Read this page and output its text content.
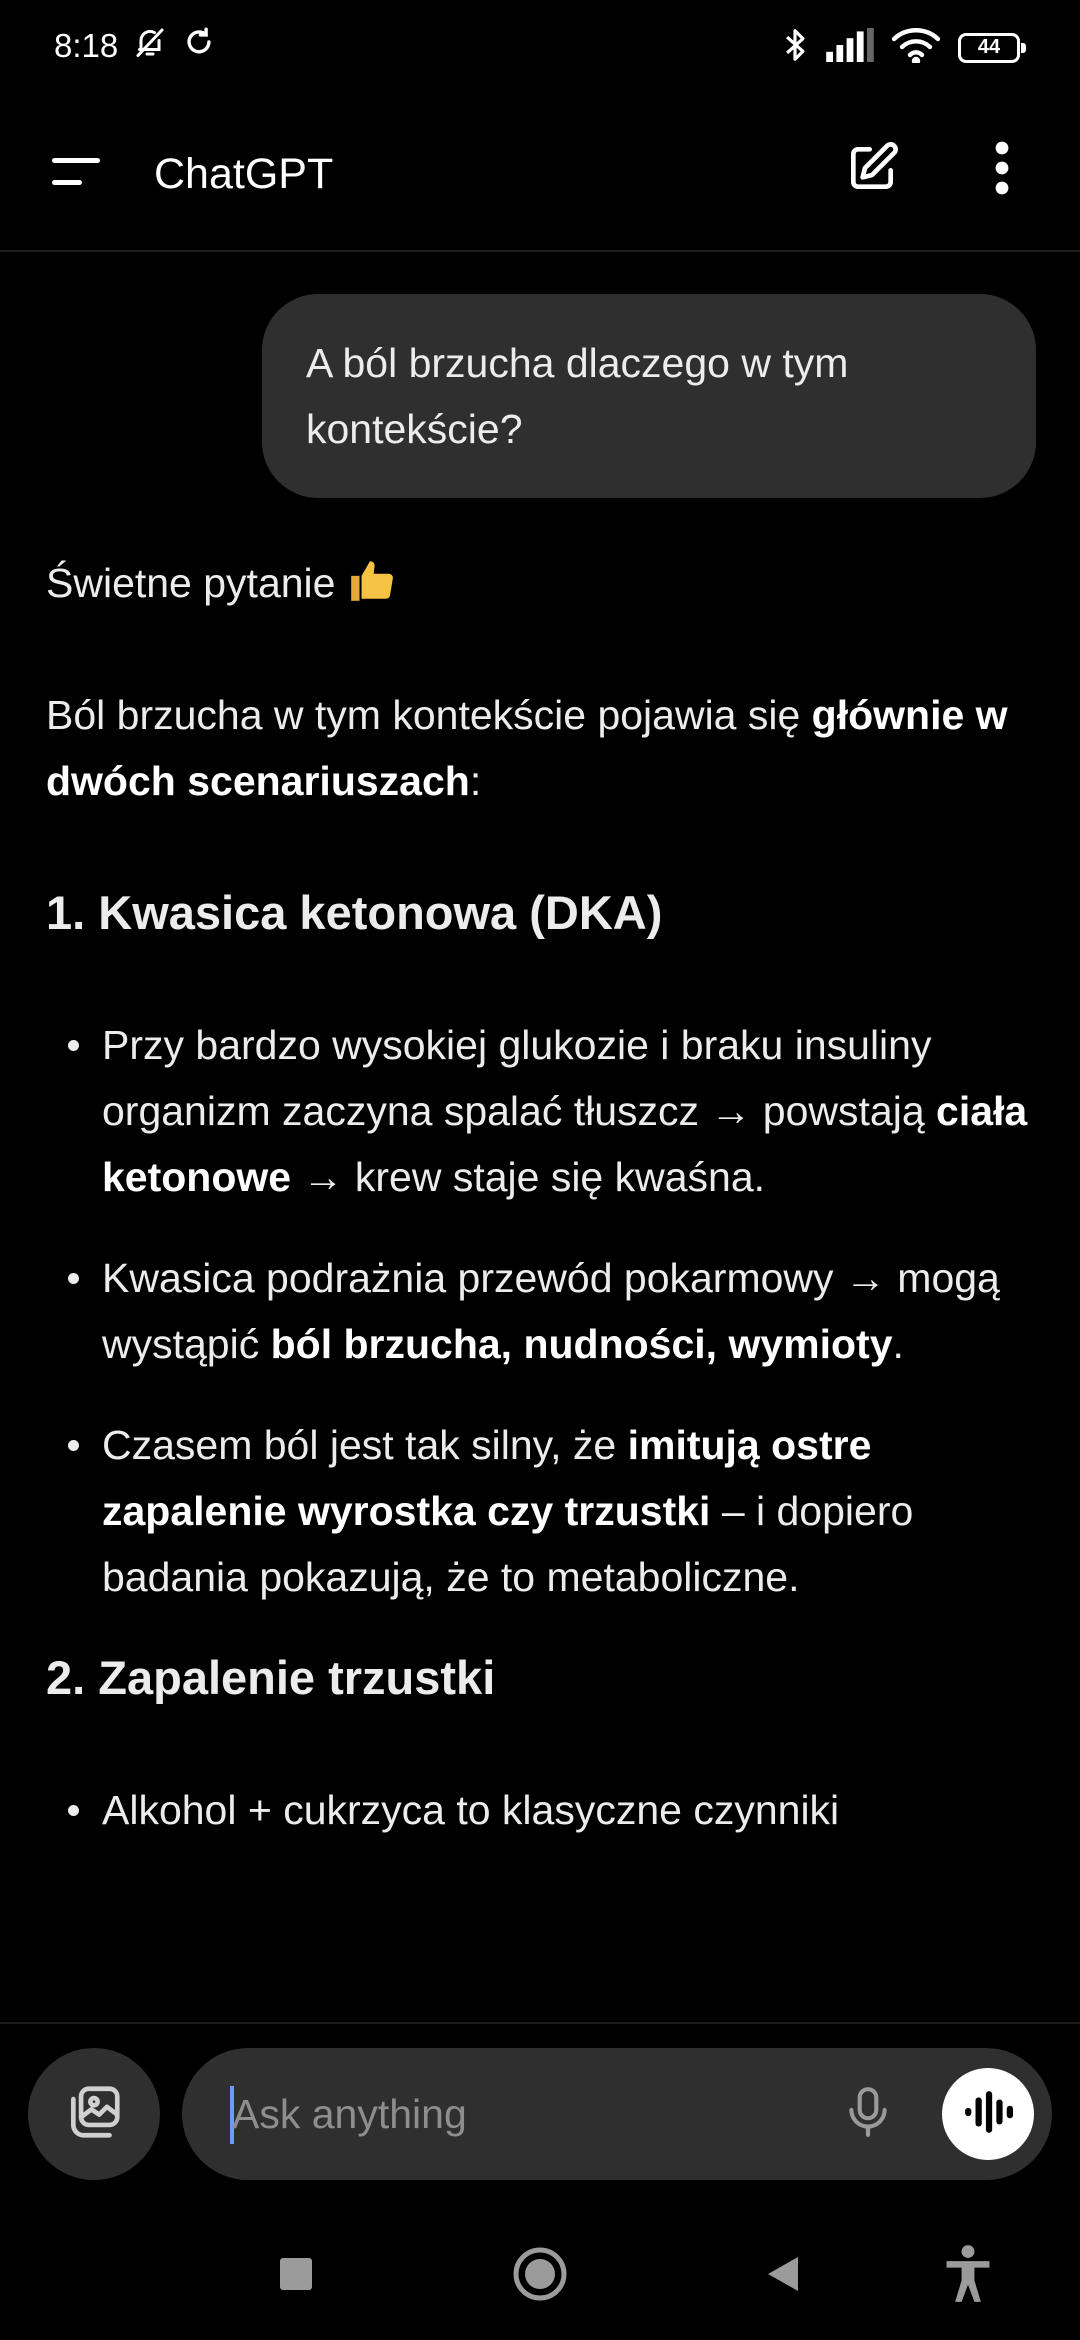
8:18	44
ChatGPT
A ból brzucha dlaczego w tym kontekście?

Świetne pytanie

Ból brzucha w tym kontekście pojawia się głównie w dwóch scenariuszach:

1. Kwasica ketonowa (DKA)
Przy bardzo wysokiej glukozie i braku insuliny organizm zaczyna spalać tłuszcz → powstają ciała ketonowe → krew staje się kwaśna.
Kwasica podrażnia przewód pokarmowy → mogą wystąpić ból brzucha, nudności, wymioty.
Czasem ból jest tak silny, że imitują ostre zapalenie wyrostka czy trzustki – i dopiero badania pokazują, że to metaboliczne.
2. Zapalenie trzustki
Alkohol + cukrzyca to klasyczne czynniki
Ask anything
